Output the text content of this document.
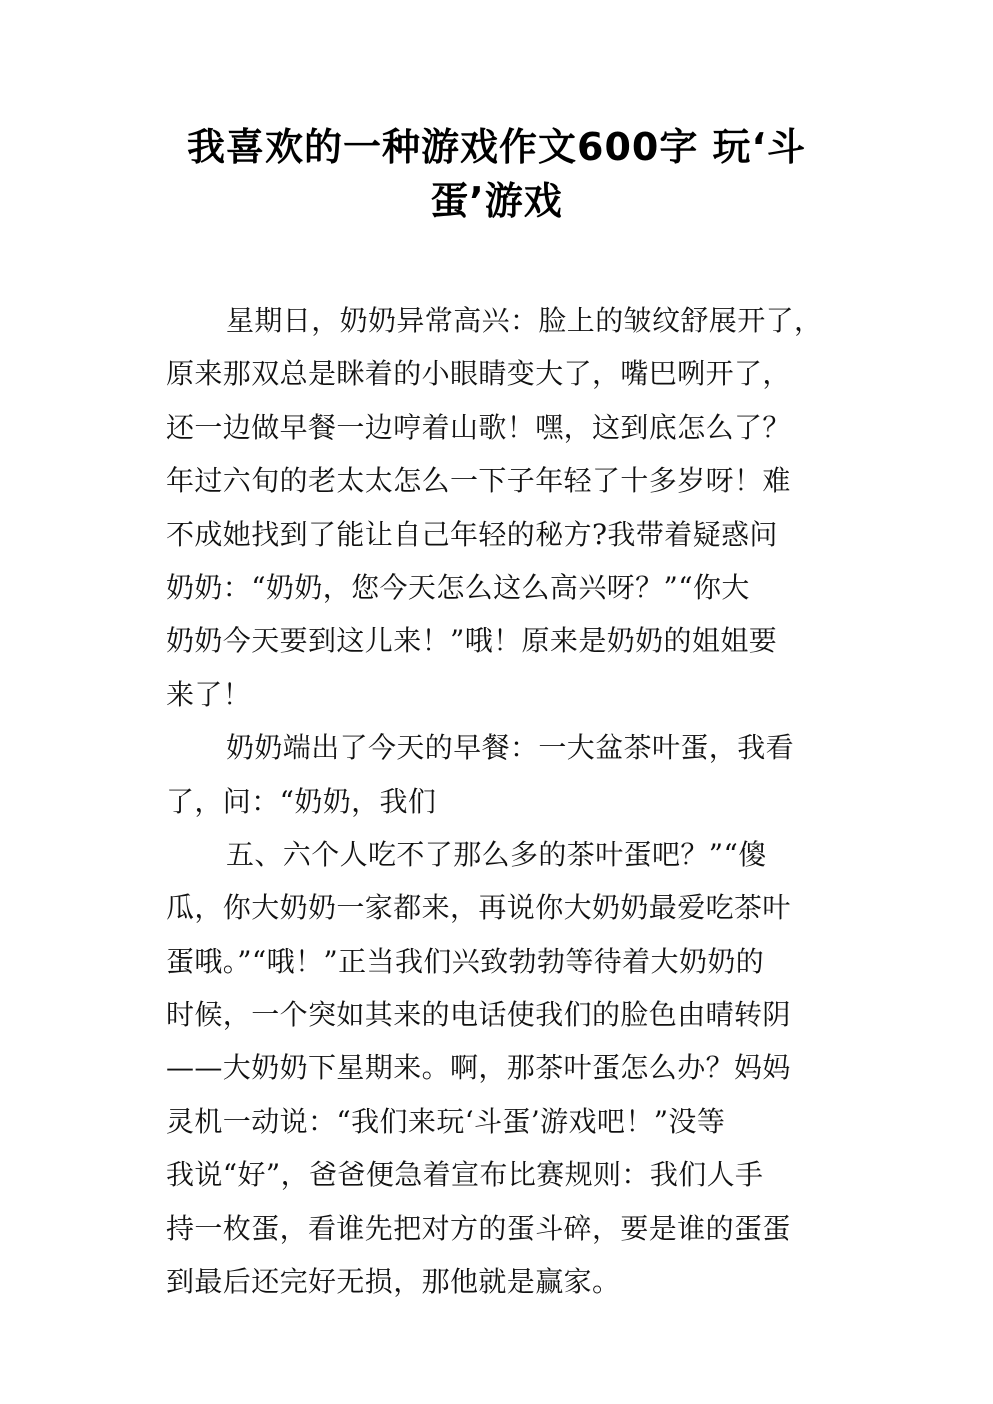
我喜欢的一种游戏作文600字 玩‘斗
蛋’游戏
星期日，奶奶异常高兴：脸上的皱纹舒展开了，
原来那双总是眯着的小眼睛变大了，嘴巴咧开了，
还一边做早餐一边哼着山歌！嘿，这到底怎么了？
年过六旬的老太太怎么一下子年轻了十多岁呀！难
不成她找到了能让自己年轻的秘方?我带着疑惑问
奶奶：“奶奶，您今天怎么这么高兴呀？”“你大
奶奶今天要到这儿来！”哦！原来是奶奶的姐姐要
来了！
奶奶端出了今天的早餐：一大盆茶叶蛋，我看
了，问：“奶奶，我们
五、六个人吃不了那么多的茶叶蛋吧？”“傻
瓜，你大奶奶一家都来，再说你大奶奶最爱吃茶叶
蛋哦。”“哦！”正当我们兴致勃勃等待着大奶奶的
时候，一个突如其来的电话使我们的脸色由晴转阴
——大奶奶下星期来。啊，那茶叶蛋怎么办？妈妈
灵机一动说：“我们来玩‘斗蛋’游戏吧！”没等
我说“好”，爸爸便急着宣布比赛规则：我们人手
持一枚蛋，看谁先把对方的蛋斗碎，要是谁的蛋蛋
到最后还完好无损，那他就是赢家。
